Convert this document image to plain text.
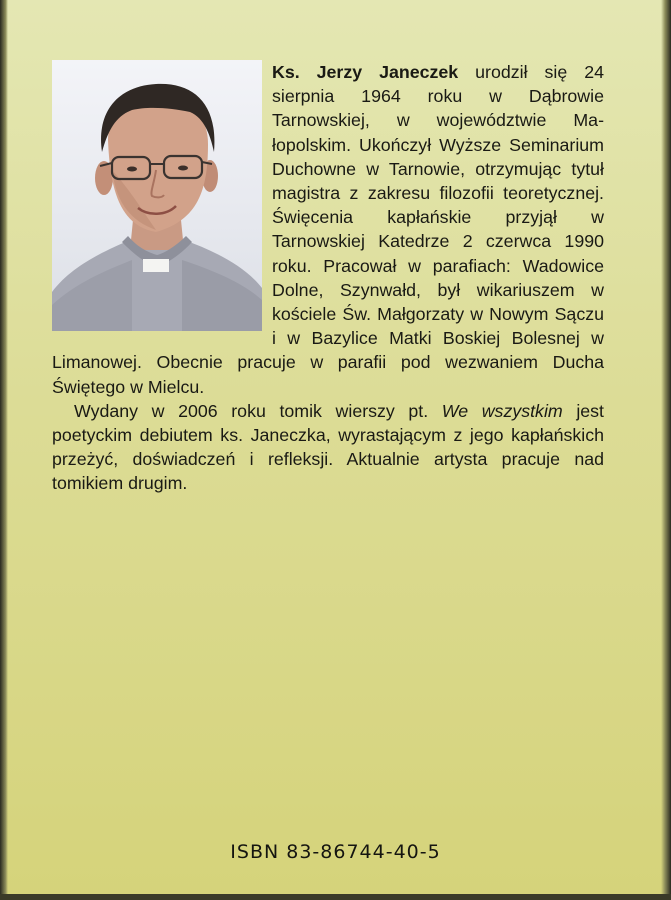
Ks. Jerzy Janeczek urodził się 24 sierpnia 1964 roku w Dąbrowie Tarnowskiej, w województwie Małopolskim. Ukończył Wyższe Seminarium Duchowne w Tarnowie, otrzymując tytuł magistra z zakresu filozofii teoretycznej. Święcenia kapłańskie przyjął w Tarnowskiej Katedrze 2 czerwca 1990 roku. Pracował w parafiach: Wadowice Dolne, Szynwałd, był wikariuszem w kościele Św. Małgorzaty w Nowym Sączu i w Bazylice Matki Boskiej Bolesnej w Limanowej. Obecnie pracuje w parafii pod wezwaniem Ducha Świętego w Mielcu.

Wydany w 2006 roku tomik wierszy pt. We wszystkim jest poetyckim debiutem ks. Janeczka, wyrastającym z jego kapłańskich przeżyć, doświadczeń i refleksji. Aktualnie artysta pracuje nad tomikiem drugim.

ISBN 83-86744-40-5
